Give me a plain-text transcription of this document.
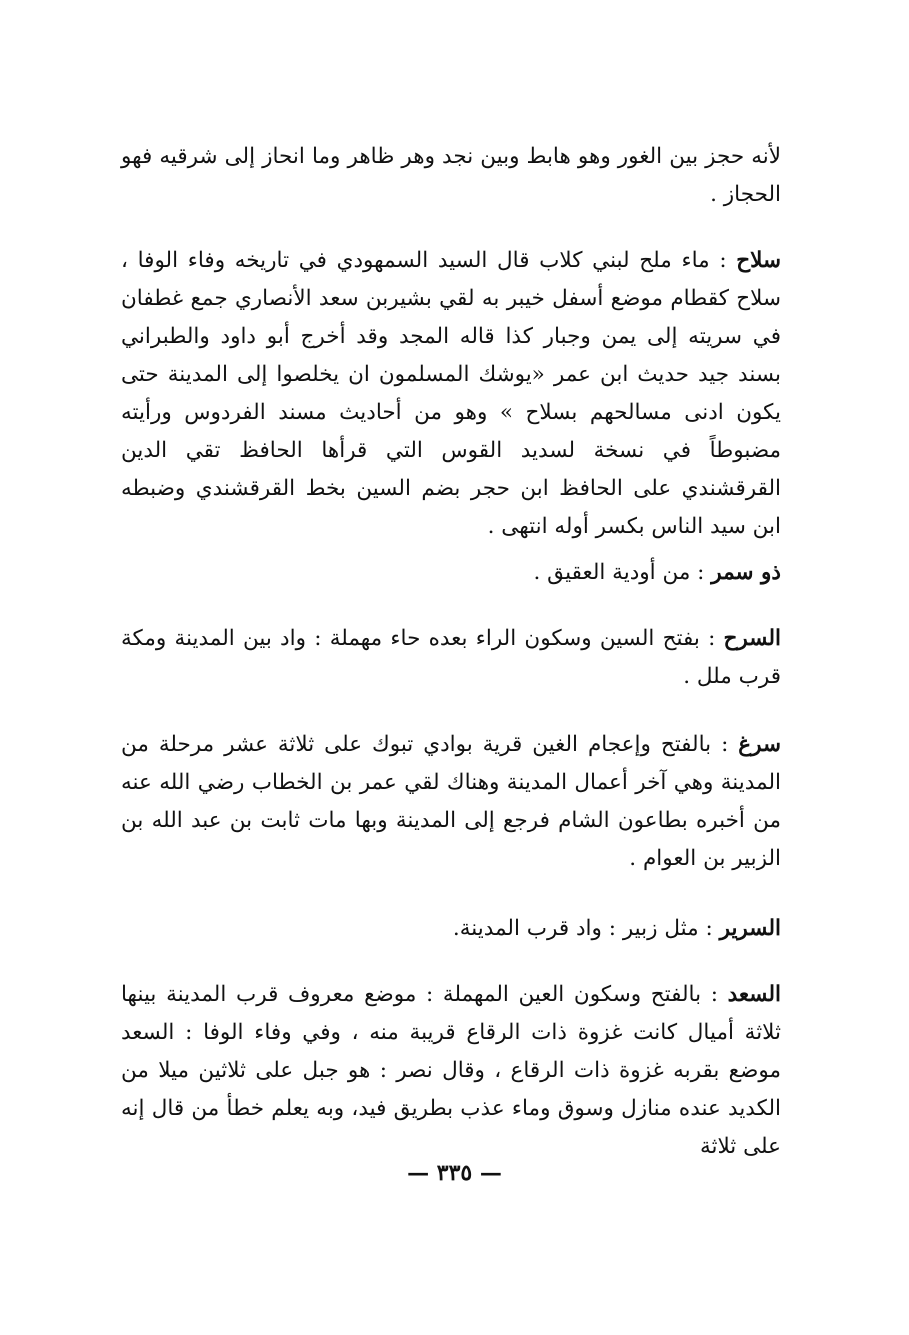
لأنه حجز بين الغور وهو هابط وبين نجد وهر ظاهر وما انحاز إلى شرقيه فهو الحجاز .

سلاح : ماء ملح لبني كلاب قال السيد السمهودي في تاريخه وفاء الوفا ، سلاح كقطام موضع أسفل خيبر به لقي بشيربن سعد الأنصاري جمع غطفان في سريته إلى يمن وجبار كذا قاله المجد وقد أخرج أبو داود والطبراني بسند جيد حديث ابن عمر «يوشك المسلمون ان يخلصوا إلى المدينة حتى يكون ادنى مسالحهم بسلاح » وهو من أحاديث مسند الفردوس ورأيته مضبوطاً في نسخة لسديد القوس التي قرأها الحافظ تقي الدين القرقشندي على الحافظ ابن حجر بضم السين بخط القرقشندي وضبطه ابن سيد الناس بكسر أوله انتهى .

ذو سمر : من أودية العقيق .

السرح : بفتح السين وسكون الراء بعده حاء مهملة : واد بين المدينة ومكة قرب ملل .

سرغ : بالفتح وإعجام الغين قرية بوادي تبوك على ثلاثة عشر مرحلة من المدينة وهي آخر أعمال المدينة وهناك لقي عمر بن الخطاب رضي الله عنه من أخبره بطاعون الشام فرجع إلى المدينة وبها مات ثابت بن عبد الله بن الزبير بن العوام .

السرير : مثل زبير : واد قرب المدينة.

السعد : بالفتح وسكون العين المهملة : موضع معروف قرب المدينة بينها ثلاثة أميال كانت غزوة ذات الرقاع قريبة منه ، وفي وفاء الوفا : السعد موضع بقربه غزوة ذات الرقاع ، وقال نصر : هو جبل على ثلاثين ميلا من الكديد عنده منازل وسوق وماء عذب بطريق فيد، وبه يعلم خطأ من قال إنه على ثلاثة

— ٣٣٥ —
